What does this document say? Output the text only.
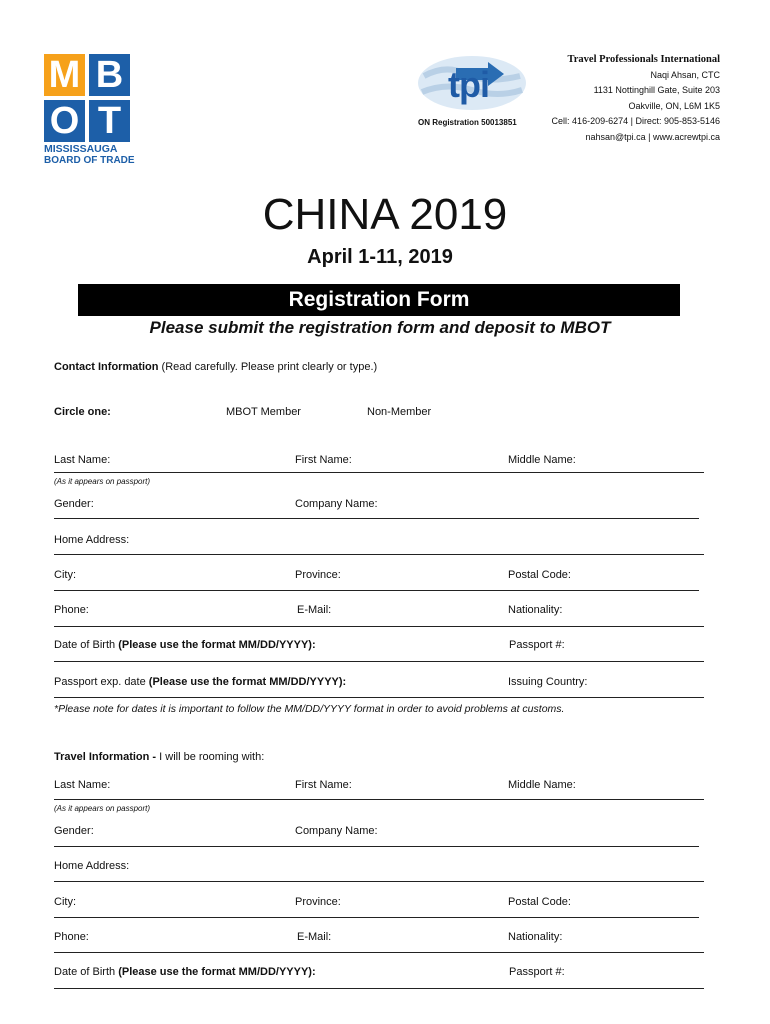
M B
O T
MISSISSAUGA
BOARD OF TRADE
tpi
ON Registration 50013851
Travel Professionals International
Naqi Ahsan, CTC
1131 Nottinghill Gate, Suite 203
Oakville, ON, L6M 1K5
Cell: 416-209-6274 | Direct: 905-853-5146
nahsan@tpi.ca | www.acrewtpi.ca
CHINA 2019
April 1-11, 2019
Registration Form
Please submit the registration form and deposit to MBOT
Contact Information (Read carefully. Please print clearly or type.)
Circle one:	MBOT Member	Non-Member
Last Name:	First Name:	Middle Name:
(As it appears on passport)
Gender:	Company Name:
Home Address:
City:	Province:	Postal Code:
Phone:	E-Mail:	Nationality:
Date of Birth (Please use the format MM/DD/YYYY):	Passport #:
Passport exp. date (Please use the format MM/DD/YYYY):	Issuing Country:
*Please note for dates it is important to follow the MM/DD/YYYY format in order to avoid problems at customs.
Travel Information - I will be rooming with:
Last Name:	First Name:	Middle Name:
(As it appears on passport)
Gender:	Company Name:
Home Address:
City:	Province:	Postal Code:
Phone:	E-Mail:	Nationality:
Date of Birth (Please use the format MM/DD/YYYY):	Passport #:
